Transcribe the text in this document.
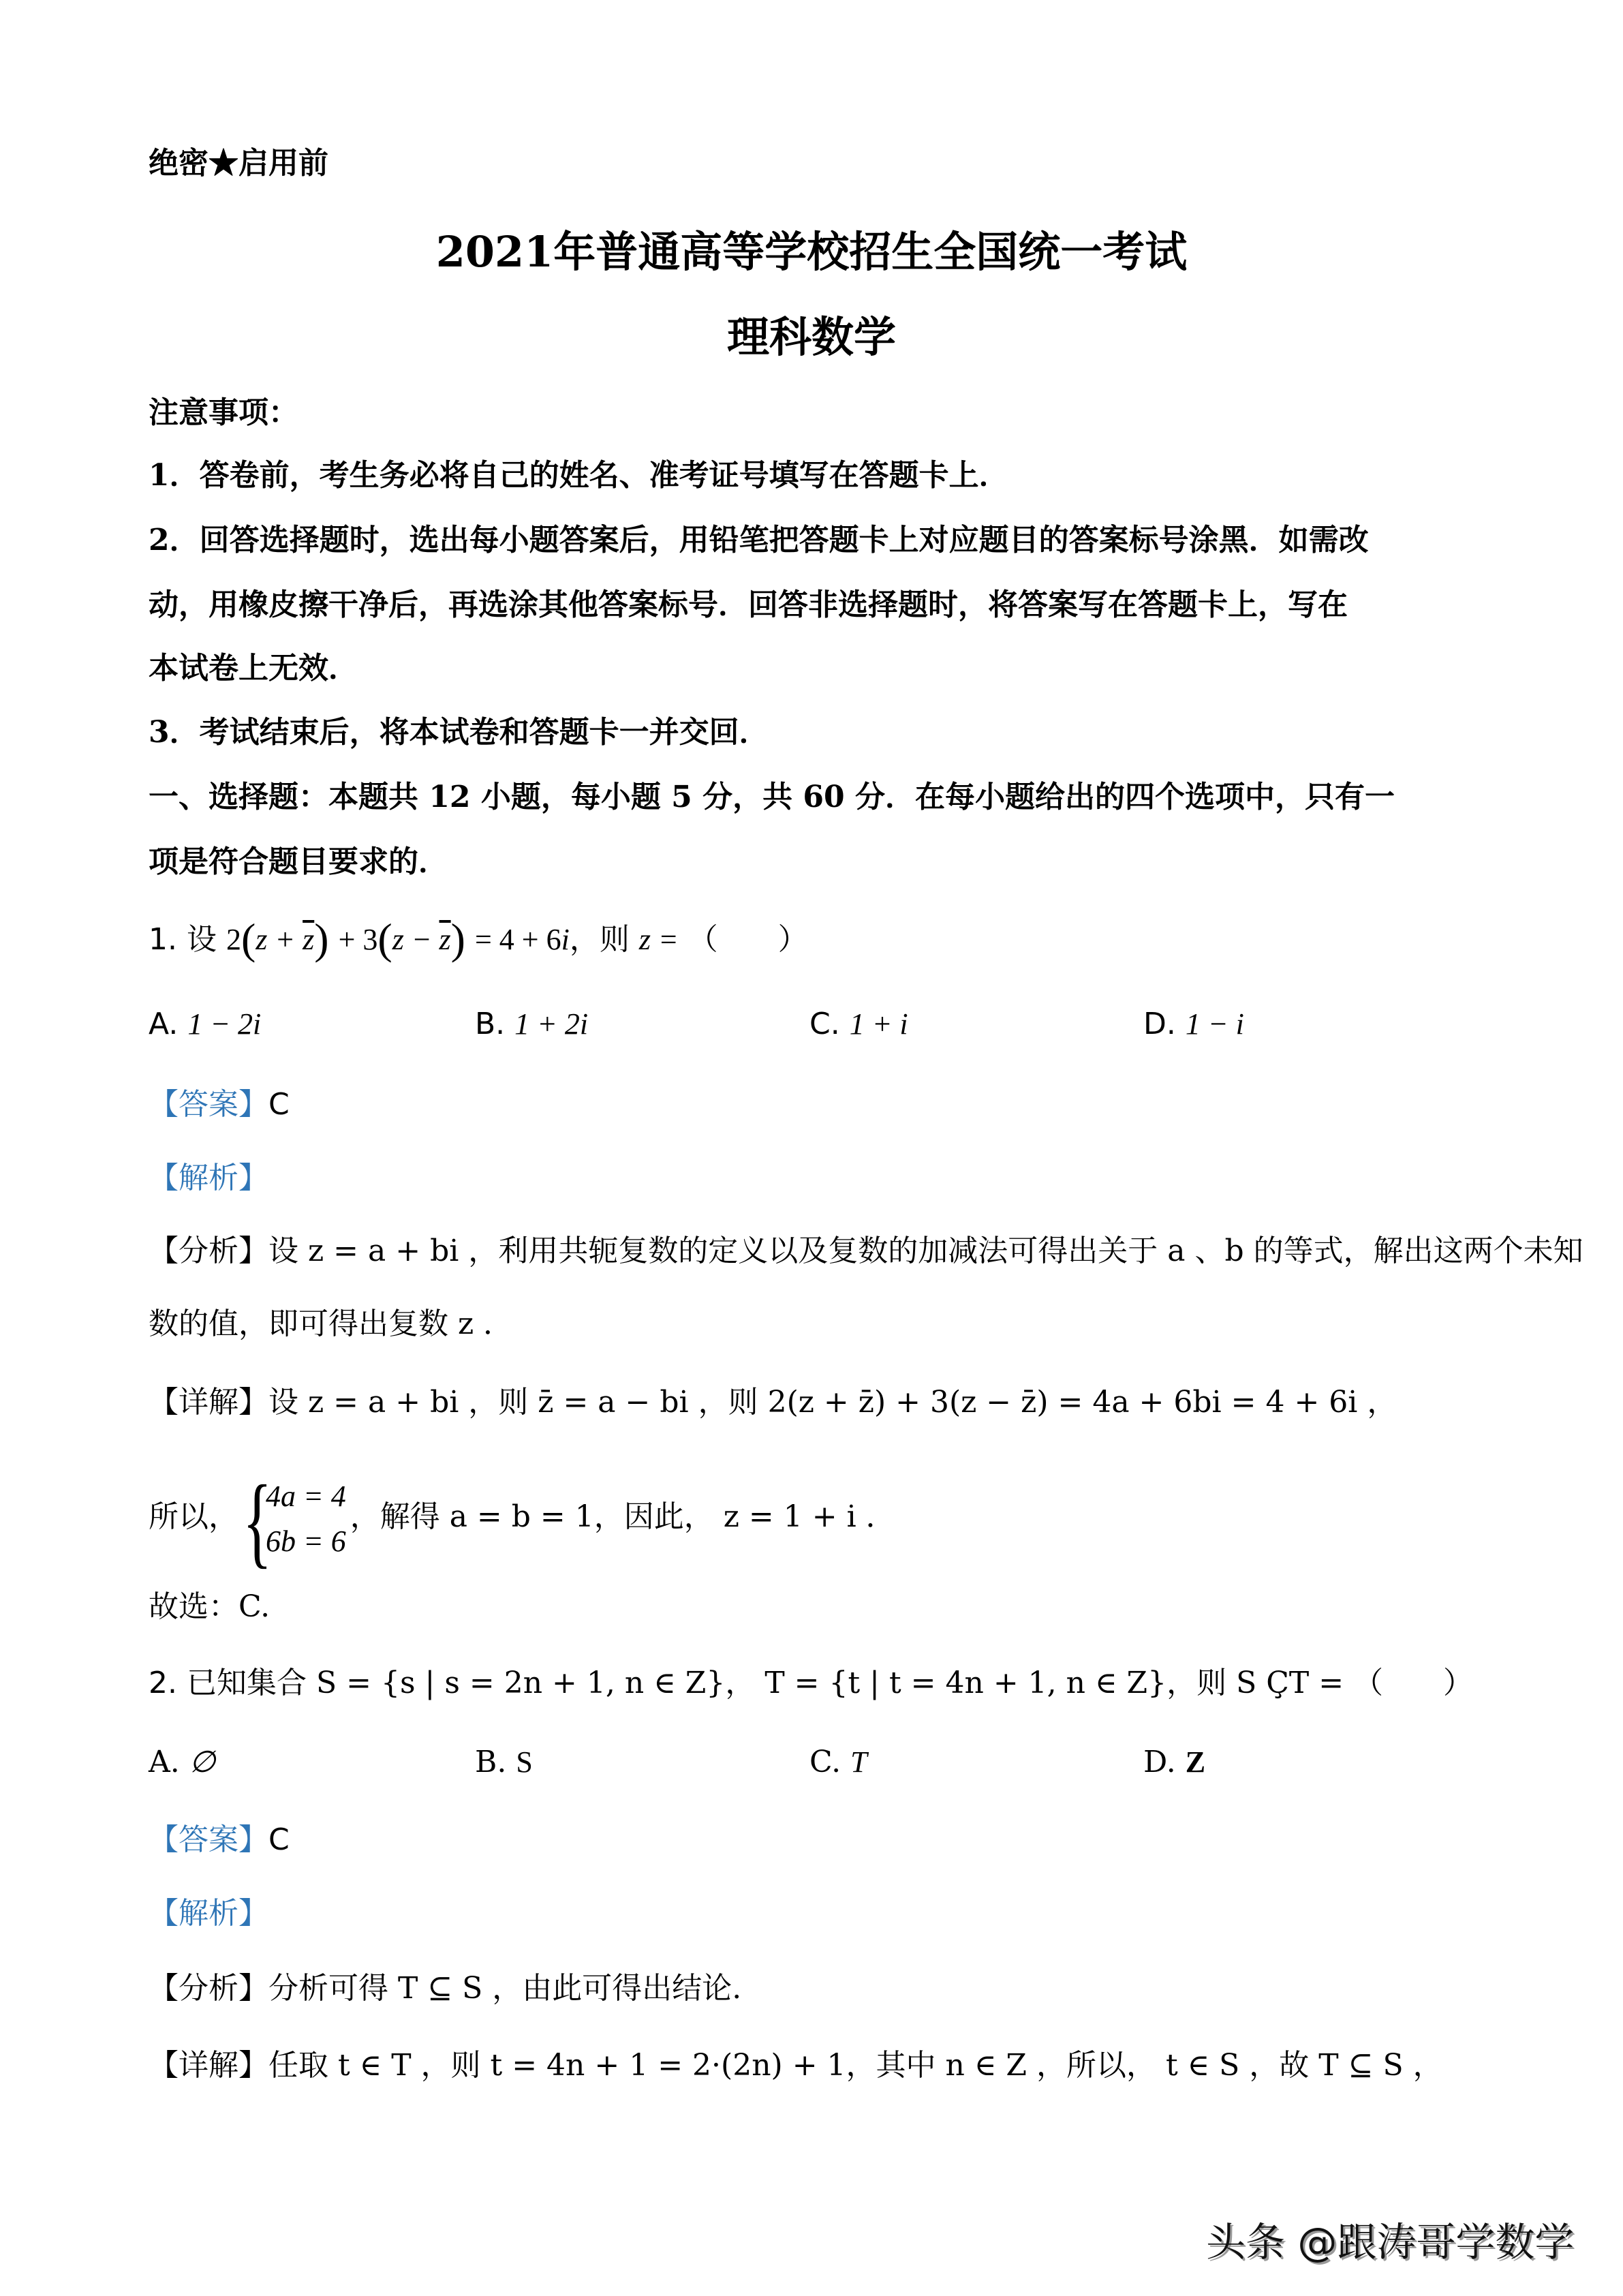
绝密★启用前
2021年普通高等学校招生全国统一考试
理科数学
注意事项：
1．答卷前，考生务必将自己的姓名、准考证号填写在答题卡上．
2．回答选择题时，选出每小题答案后，用铅笔把答题卡上对应题目的答案标号涂黑．如需改
动，用橡皮擦干净后，再选涂其他答案标号．回答非选择题时，将答案写在答题卡上，写在
本试卷上无效．
3．考试结束后，将本试卷和答题卡一并交回．
一、选择题：本题共 12 小题，每小题 5 分，共 60 分．在每小题给出的四个选项中，只有一
项是符合题目要求的．
1. 设 $2(z + \overline{z}) + 3(z - \overline{z}) = 4 + 6i$，则 z = （　　）
A. 1 − 2i	B. 1 + 2i	C. 1 + i	D. 1 − i
【答案】C
【解析】
【分析】设 z = a + bi ，利用共轭复数的定义以及复数的加减法可得出关于 a 、b 的等式，解出这两个未知
数的值，即可得出复数 z ．
【详解】设 z = a + bi ，则 z̄ = a − bi ，则 2(z + z̄) + 3(z − z̄) = 4a + 6bi = 4 + 6i ，
所以， {
4a = 4
6b = 6
，解得 a = b = 1，因此， z = 1 + i ．
故选：C.
2. 已知集合 S = {s | s = 2n + 1, n ∈ Z}， T = {t | t = 4n + 1, n ∈ Z}，则 S ÇT = （　　）
A. ∅	B. S	C. T	D. Z
【答案】C
【解析】
【分析】分析可得 T ⊆ S ，由此可得出结论.
【详解】任取 t ∈ T ，则 t = 4n + 1 = 2·(2n) + 1，其中 n ∈ Z ，所以， t ∈ S ，故 T ⊆ S ，
头条 @跟涛哥学数学
